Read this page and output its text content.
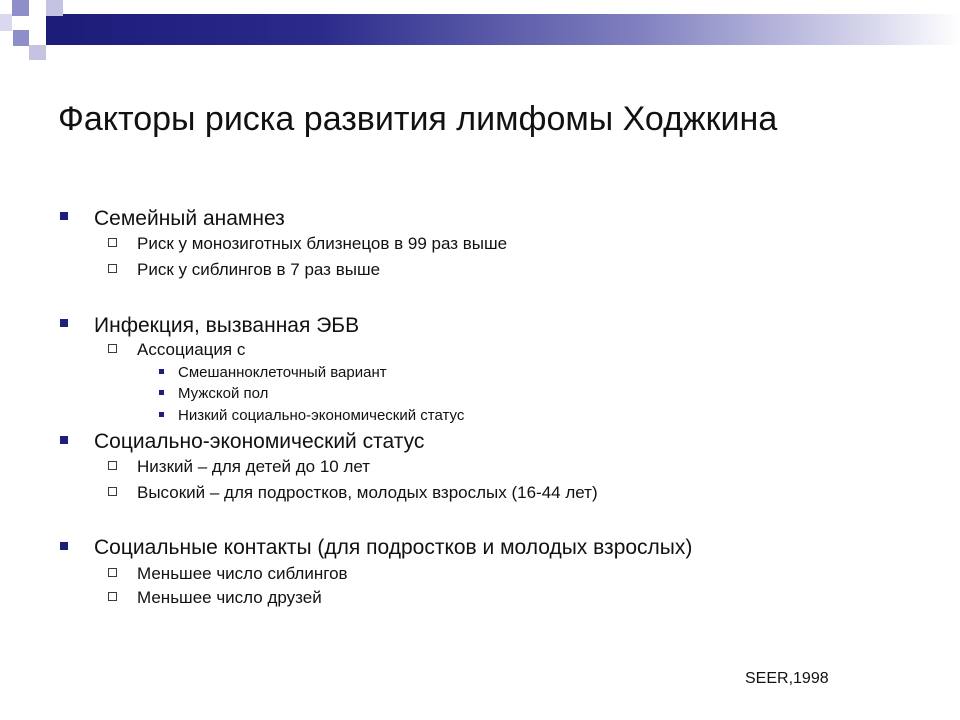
Факторы риска развития лимфомы Ходжкина
Семейный анамнез
Риск у монозиготных близнецов в 99 раз выше
Риск у сиблингов в 7 раз выше
Инфекция, вызванная ЭБВ
Ассоциация с
Смешанноклеточный вариант
Мужской пол
Низкий социально-экономический статус
Социально-экономический статус
Низкий – для детей до 10 лет
Высокий – для подростков, молодых взрослых (16-44 лет)
Социальные контакты (для подростков и молодых взрослых)
Меньшее число сиблингов
Меньшее число друзей
SEER,1998
